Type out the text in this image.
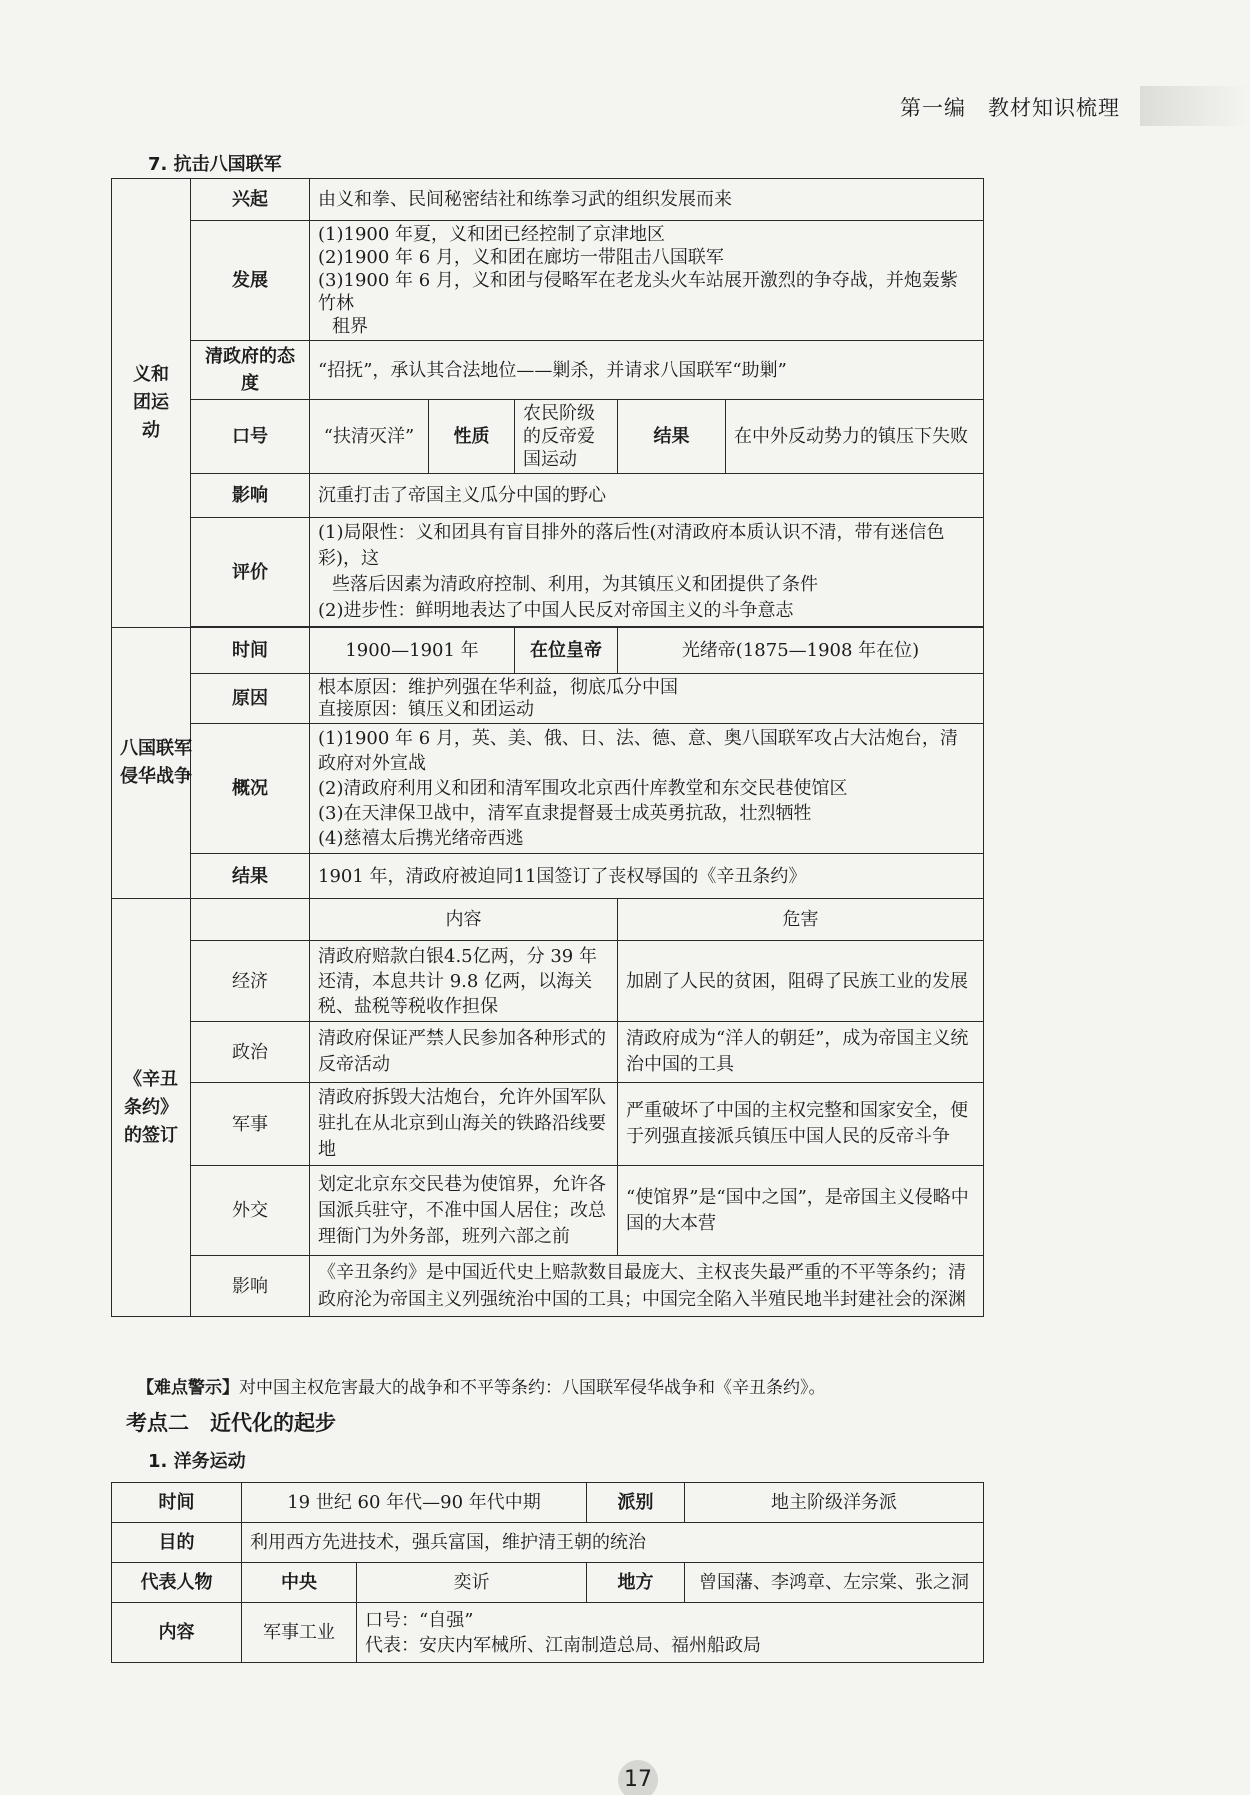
第一编　教材知识梳理
7. 抗击八国联军
义和团运动	兴起	由义和拳、民间秘密结社和练拳习武的组织发展而来				
	发展	(1)1900 年夏，义和团已经控制了京津地区
(2)1900 年 6 月，义和团在廊坊一带阻击八国联军
(3)1900 年 6 月，义和团与侵略军在老龙头火车站展开激烈的争夺战，并炮轰紫竹林
租界				

	清政府的态度	“招抚”，承认其合法地位——剿杀，并请求八国联军“助剿”				
	口号	“扶清灭洋”	性质	农民阶级的反帝爱国运动	结果	在中外反动势力的镇压下失败
	影响	沉重打击了帝国主义瓜分中国的野心				
	评价	(1)局限性：义和团具有盲目排外的落后性(对清政府本质认识不清，带有迷信色彩)，这
些落后因素为清政府控制、利用，为其镇压义和团提供了条件
(2)进步性：鲜明地表达了中国人民反对帝国主义的斗争意志				

八国联军侵华战争	时间	1900—1901 年		在位皇帝	光绪帝(1875—1908 年在位)	
	原因	根本原因：维护列强在华利益，彻底瓜分中国
直接原因：镇压义和团运动				

	概况	(1)1900 年 6 月，英、美、俄、日、法、德、意、奥八国联军攻占大沽炮台，清政府对外宣战
(2)清政府利用义和团和清军围攻北京西什库教堂和东交民巷使馆区
(3)在天津保卫战中，清军直隶提督聂士成英勇抗敌，壮烈牺牲
(4)慈禧太后携光绪帝西逃				

	结果	1901 年，清政府被迫同11国签订了丧权辱国的《辛丑条约》				

《辛丑条约》的签订		内容			危害	
	经济	清政府赔款白银4.5亿两，分 39 年还清，本息共计 9.8 亿两，以海关税、盐税等税收作担保			加剧了人民的贫困，阻碍了民族工业的发展	
	政治	清政府保证严禁人民参加各种形式的反帝活动			清政府成为“洋人的朝廷”，成为帝国主义统治中国的工具	
	军事	清政府拆毁大沽炮台，允许外国军队驻扎在从北京到山海关的铁路沿线要地			严重破坏了中国的主权完整和国家安全，便于列强直接派兵镇压中国人民的反帝斗争	
	外交	划定北京东交民巷为使馆界，允许各国派兵驻守，不准中国人居住；改总理衙门为外务部，班列六部之前			“使馆界”是“国中之国”，是帝国主义侵略中国的大本营	
	影响	《辛丑条约》是中国近代史上赔款数目最庞大、主权丧失最严重的不平等条约；清政府沦为帝国主义列强统治中国的工具；中国完全陷入半殖民地半封建社会的深渊				
【难点警示】对中国主权危害最大的战争和不平等条约：八国联军侵华战争和《辛丑条约》。
考点二　近代化的起步
1. 洋务运动
时间	19 世纪 60 年代—90 年代中期		派别	地主阶级洋务派
目的	利用西方先进技术，强兵富国，维护清王朝的统治			
代表人物	中央	奕䜣	地方	曾国藩、李鸿章、左宗棠、张之洞
内容	军事工业	口号：“自强”
代表：安庆内军械所、江南制造总局、福州船政局		
17
